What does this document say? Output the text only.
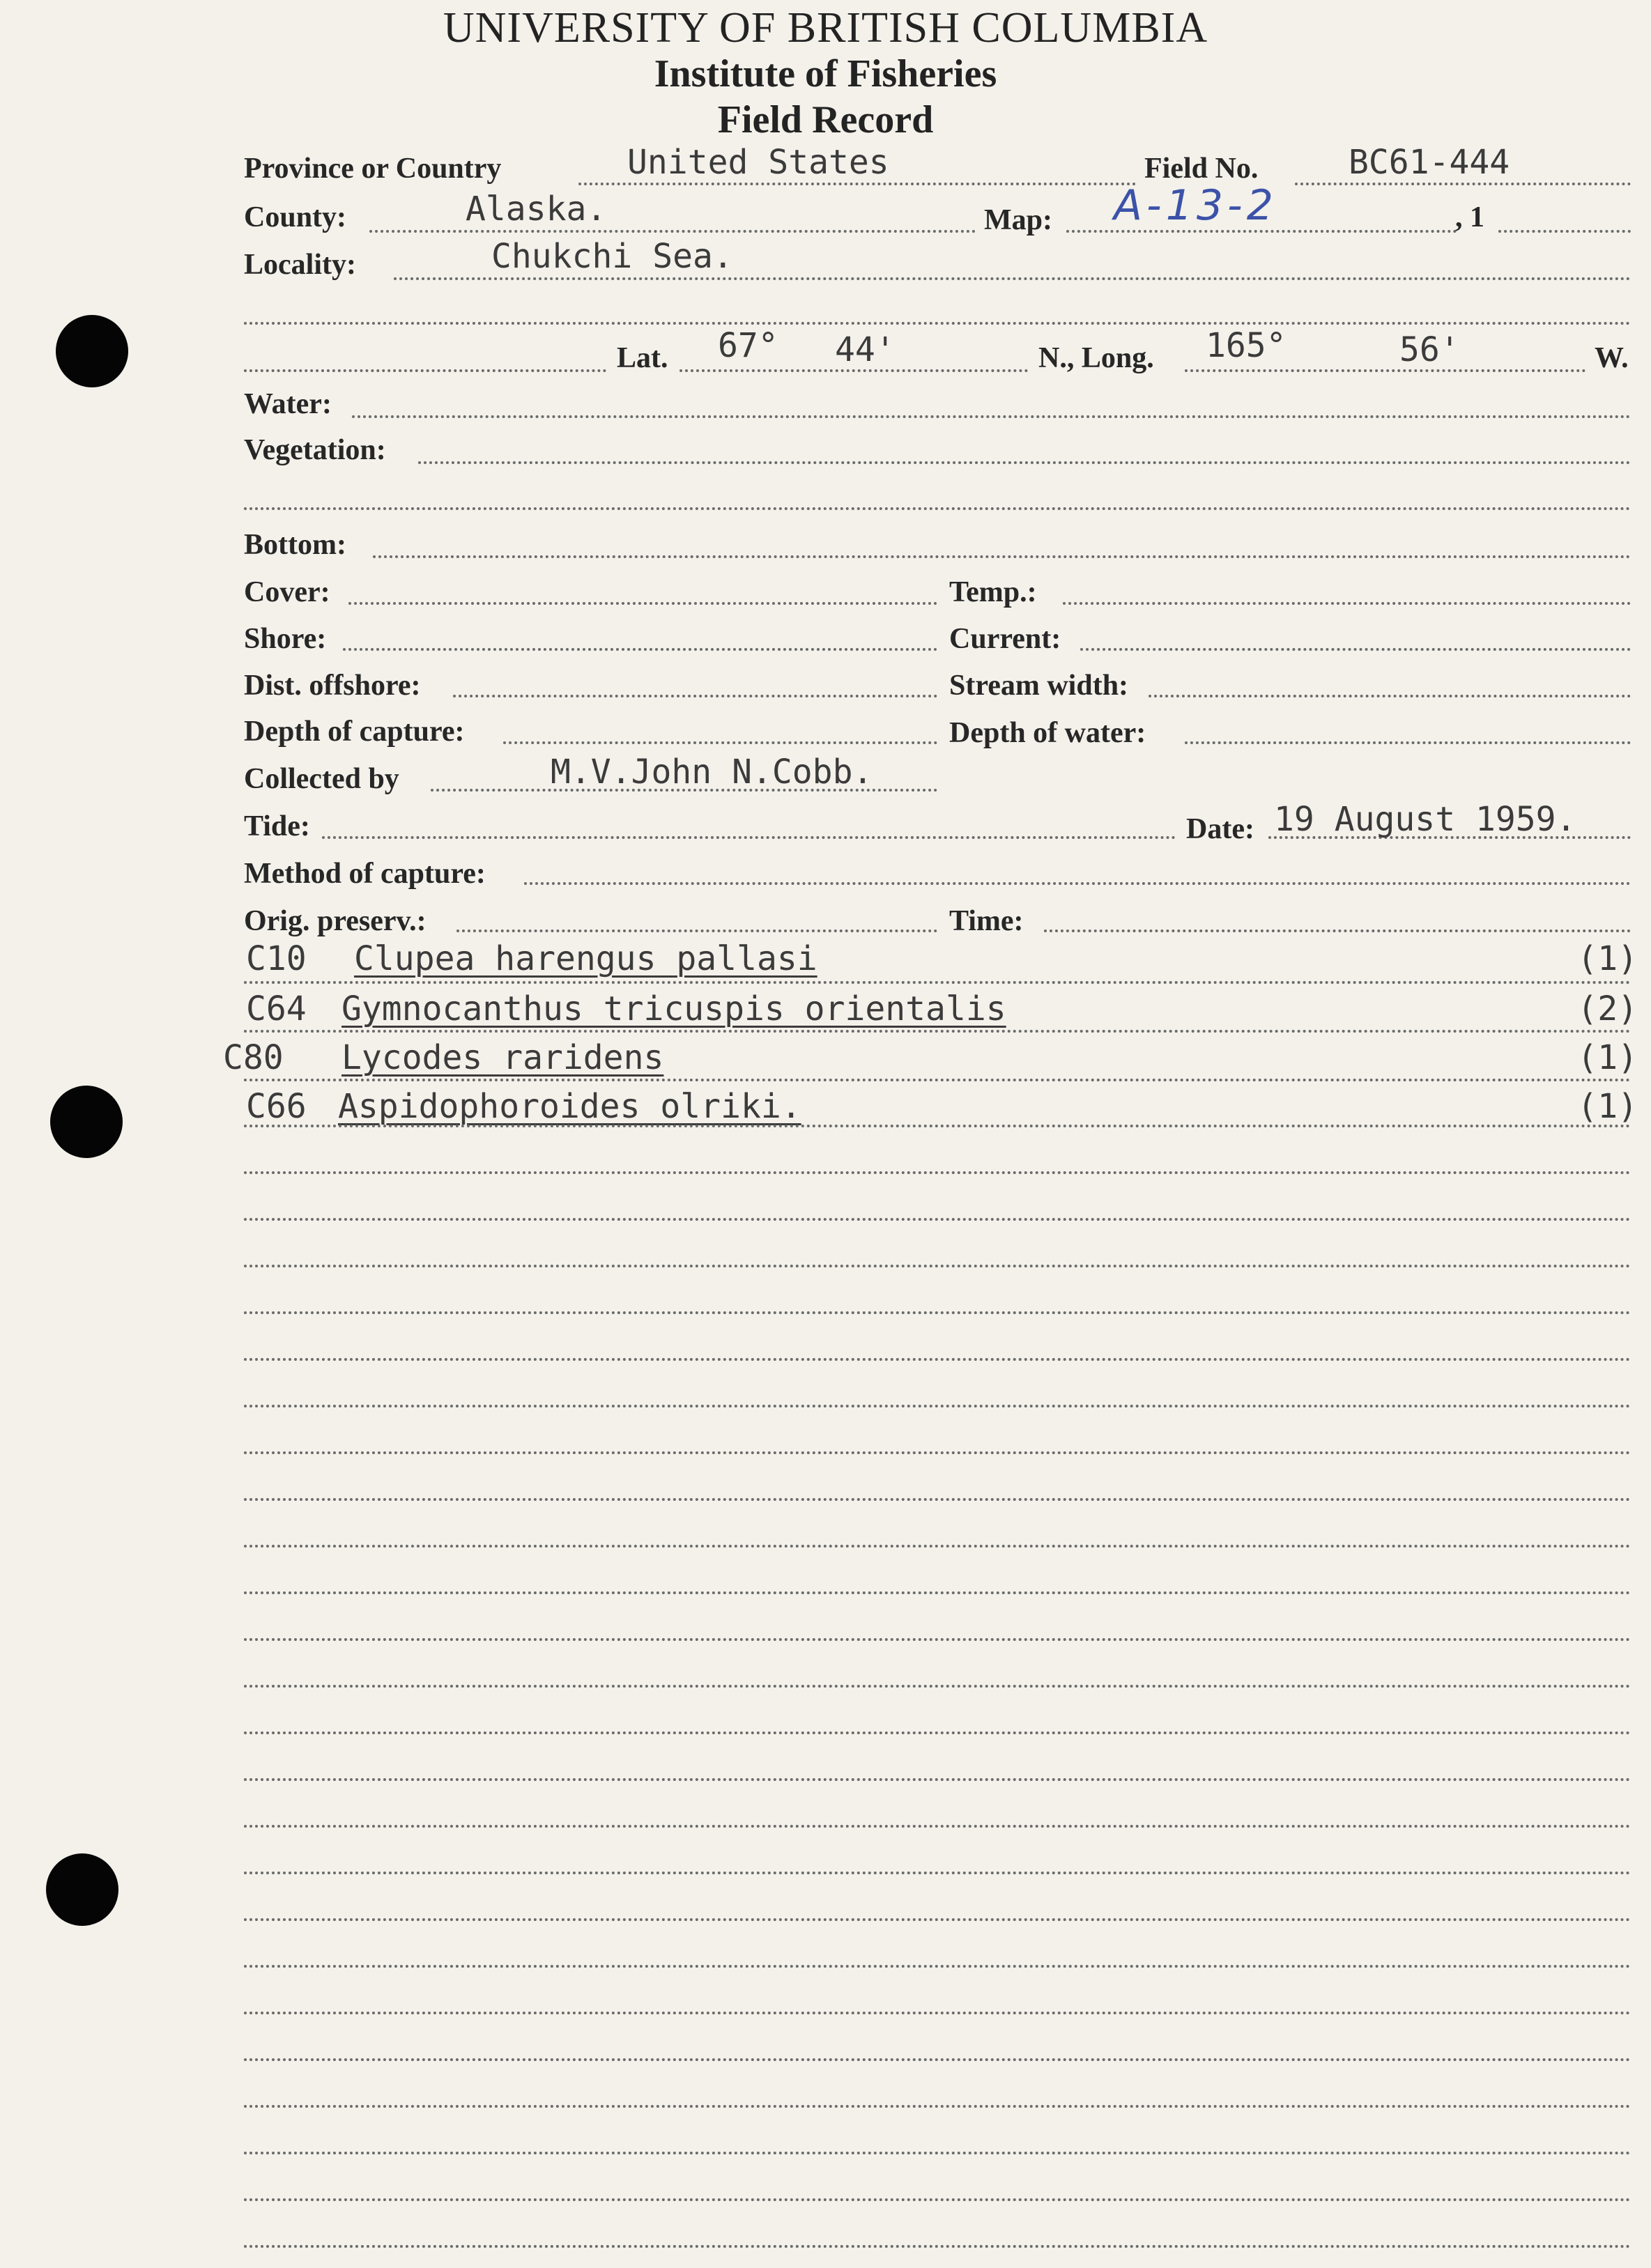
UNIVERSITY OF BRITISH COLUMBIA
Institute of Fisheries
Field Record
Province or Country	United States	Field No.	BC61-444
County:	Alaska.	Map: A-13-2	, 1
Locality:	Chukchi Sea.
Lat. 67° 44'	N., Long. 165°	56'	W.
Water:
Vegetation:
Bottom:
Cover:	Temp.:
Shore:	Current:
Dist. offshore:	Stream width:
Depth of capture:	Depth of water:
Collected by	M.V.John N.Cobb.
Tide:	Date: 19 August 1959.
Method of capture:
Orig. preserv.:	Time:
C10 Clupea harengus pallasi	(1)
C64 Gymnocanthus tricuspis orientalis	(2)
C80 Lycodes raridens	(1)
C66 Aspidophoroides olriki.	(1)
